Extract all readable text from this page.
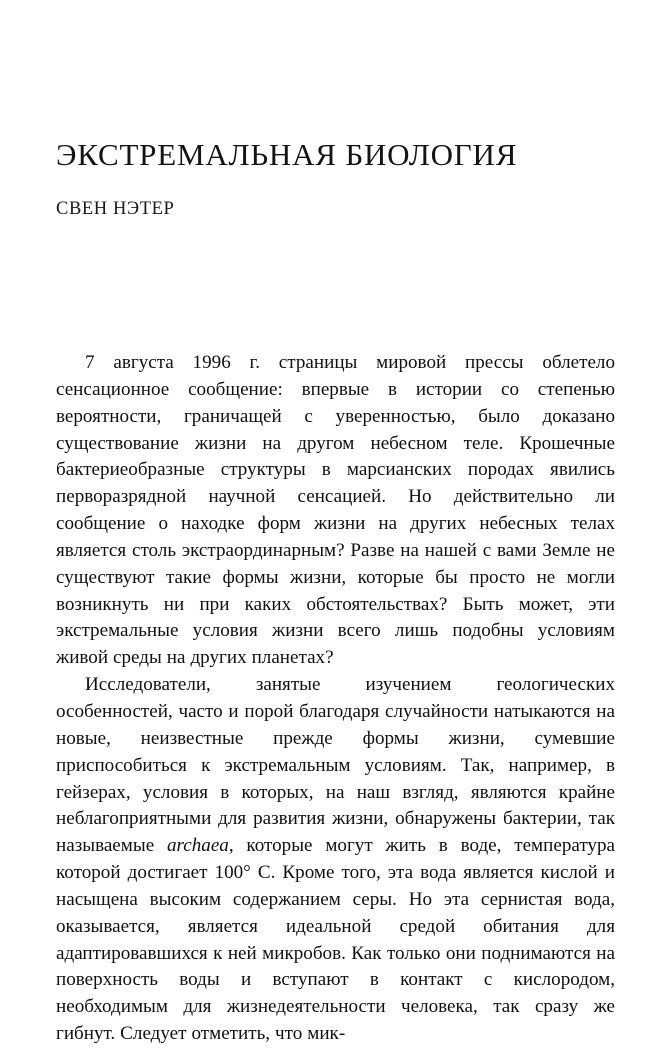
ЭКСТРЕМАЛЬНАЯ БИОЛОГИЯ
СВЕН НЭТЕР

7 августа 1996 г. страницы мировой прессы облетело сенсационное сообщение: впервые в истории со степенью вероятности, граничащей с уверенностью, было доказано существование жизни на другом небесном теле. Крошечные бактериеобразные структуры в марсианских породах явились перворазрядной научной сенсацией. Но действительно ли сообщение о находке форм жизни на других небесных телах является столь экстраординарным? Разве на нашей с вами Земле не существуют такие формы жизни, которые бы просто не могли возникнуть ни при каких обстоятельствах? Быть может, эти экстремальные условия жизни всего лишь подобны условиям живой среды на других планетах?

Исследователи, занятые изучением геологических особенностей, часто и порой благодаря случайности натыкаются на новые, неизвестные прежде формы жизни, сумевшие приспособиться к экстремальным условиям. Так, например, в гейзерах, условия в которых, на наш взгляд, являются крайне неблагоприятными для развития жизни, обнаружены бактерии, так называемые archaea, которые могут жить в воде, температура которой достигает 100° С. Кроме того, эта вода является кислой и насыщена высоким содержанием серы. Но эта сернистая вода, оказывается, является идеальной средой обитания для адаптировавшихся к ней микробов. Как только они поднимаются на поверхность воды и вступают в контакт с кислородом, необходимым для жизнедеятельности человека, так сразу же гибнут. Следует отметить, что мик-
